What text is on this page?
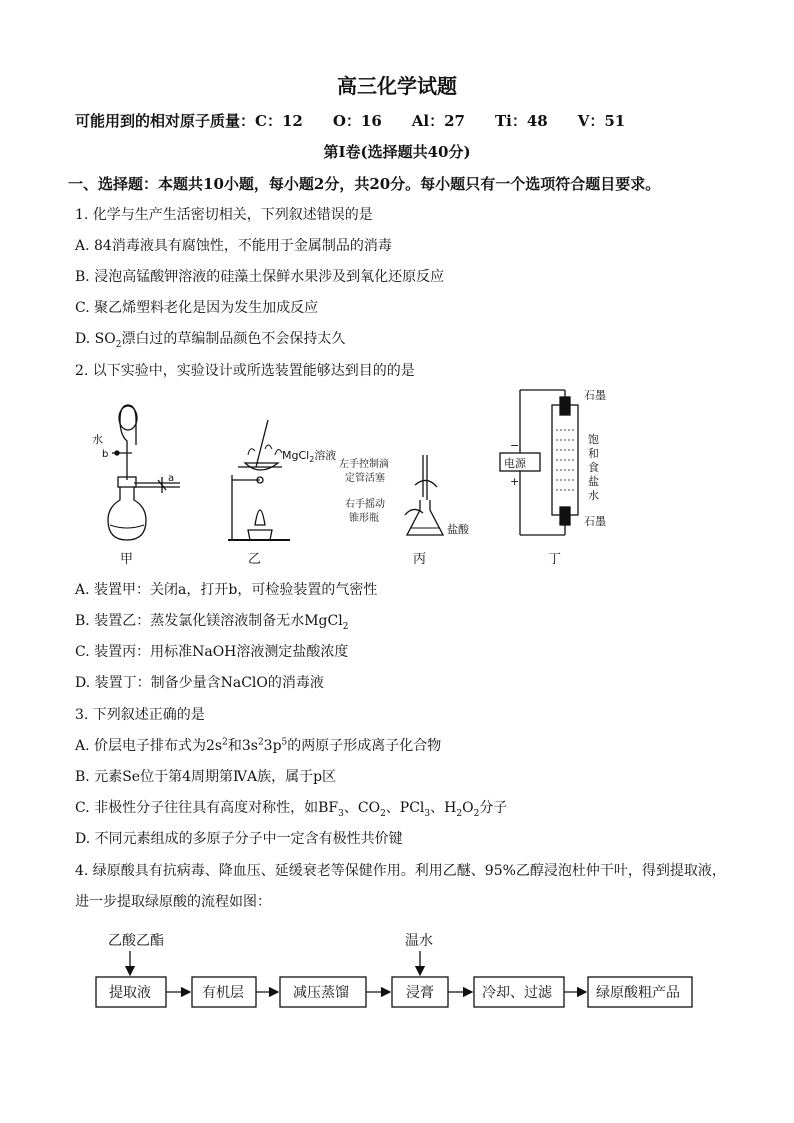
高三化学试题
可能用到的相对原子质量：C：12　　O：16　　Al：27　　Ti：48　　V：51
第Ⅰ卷(选择题共40分)
一、选择题：本题共10小题，每小题2分，共20分。每小题只有一个选项符合题目要求。
1. 化学与生产生活密切相关，下列叙述错误的是
A. 84消毒液具有腐蚀性，不能用于金属制品的消毒
B. 浸泡高锰酸钾溶液的硅藻土保鲜水果涉及到氧化还原反应
C. 聚乙烯塑料老化是因为发生加成反应
D. $SO_2$漂白过的草编制品颜色不会保持太久
2. 以下实验中，实验设计或所选装置能够达到目的的是
水
b
a
甲
MgCl$_2$溶液
乙
左手控制滴
定管活塞
右手摇动
锥形瓶
盐酸
丙
电源
−
+
石墨
石墨
饱
和
食
盐
水
丁
A. 装置甲：关闭a，打开b，可检验装置的气密性
B. 装置乙：蒸发氯化镁溶液制备无水MgCl$_2$
C. 装置丙：用标准NaOH溶液测定盐酸浓度
D. 装置丁：制备少量含NaClO的消毒液
3. 下列叙述正确的是
A. 价层电子排布式为$2s^2$和$3s^23p^5$的两原子形成离子化合物
B. 元素Se位于第4周期第ⅣA族，属于p区
C. 非极性分子往往具有高度对称性，如$BF_3$、$CO_2$、PCl$_3$、$H_2O_2$分子
D. 不同元素组成的多原子分子中一定含有极性共价键
4. 绿原酸具有抗病毒、降血压、延缓衰老等保健作用。利用乙醚、95%乙醇浸泡杜仲干叶，得到提取液，
进一步提取绿原酸的流程如图：
乙酸乙酯	温水
提取液	有机层	减压蒸馏	浸膏	冷却、过滤	绿原酸粗产品
